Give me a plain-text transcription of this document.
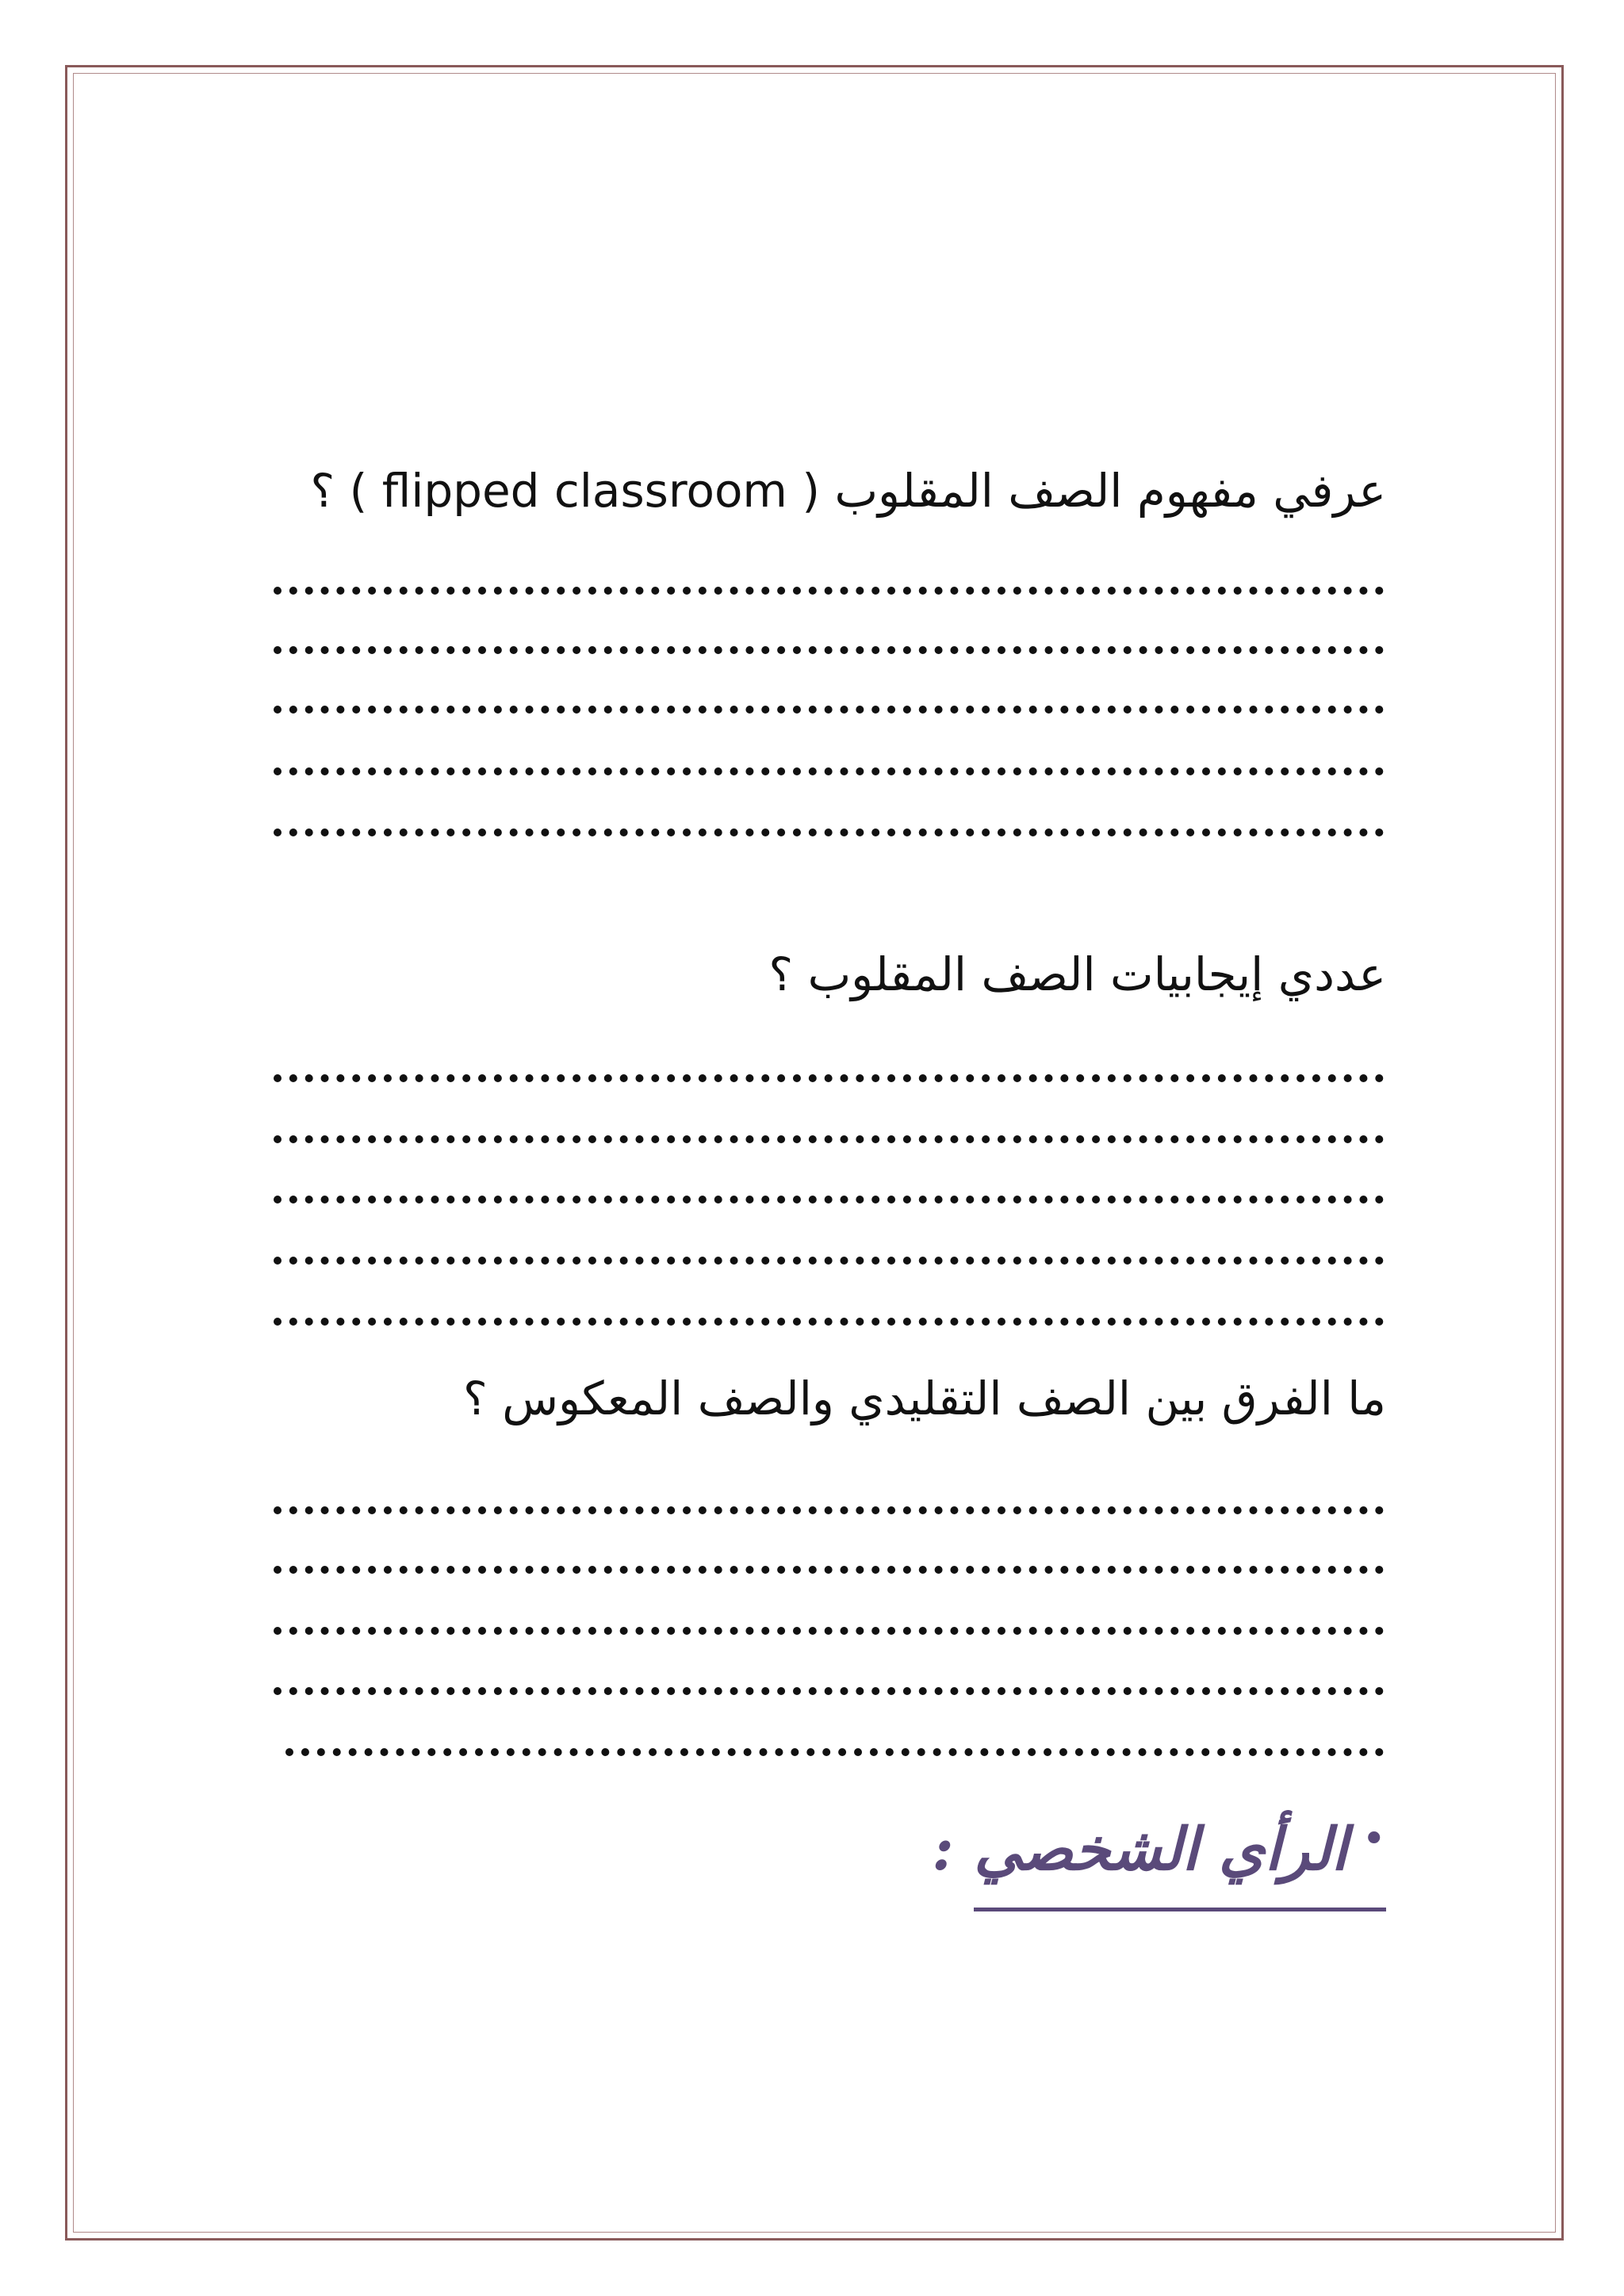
عرفي مفهوم الصف المقلوب ( flipped classroom ) ؟
عددي إيجابيات الصف المقلوب ؟
ما الفرق بين الصف التقليدي والصف المعكوس ؟
•الرأي الشخصي :
